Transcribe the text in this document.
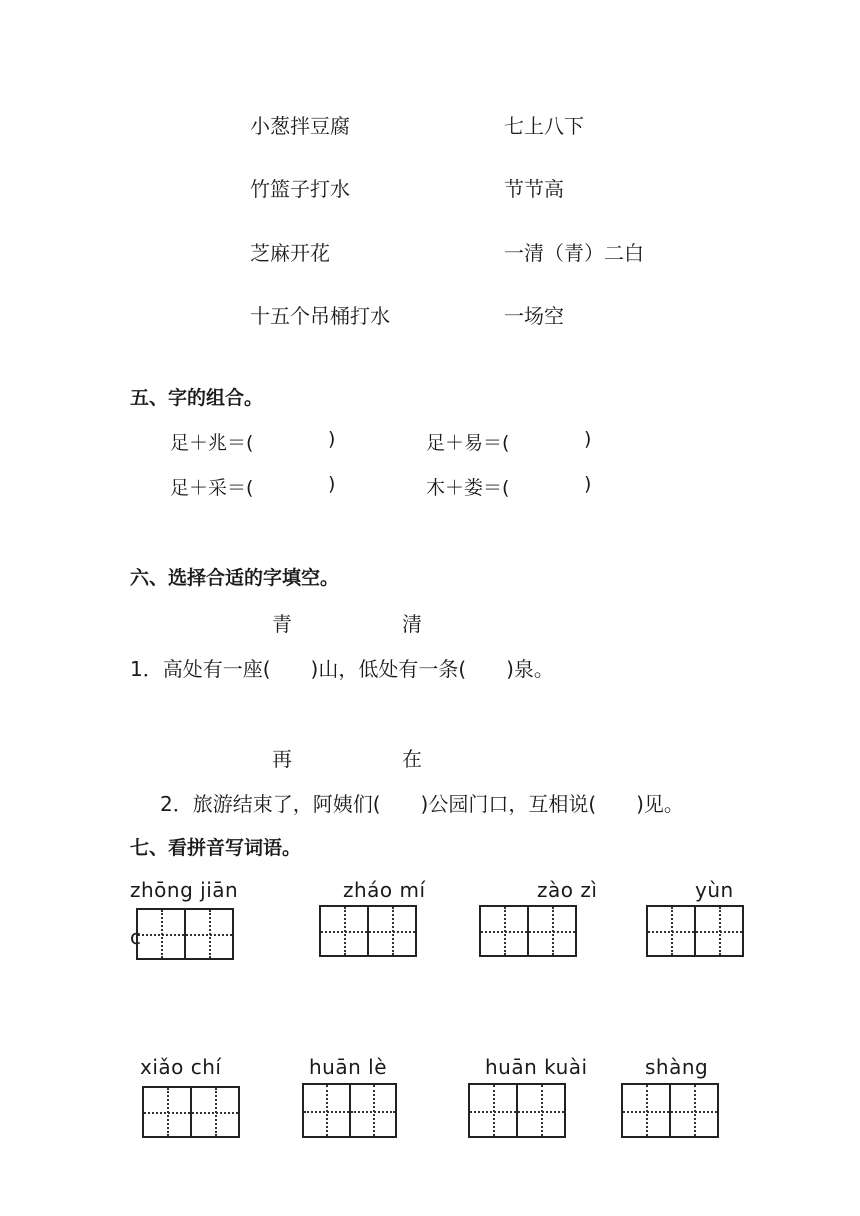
小葱拌豆腐	七上八下
竹篮子打水	节节高
芝麻开花	一清（青）二白
十五个吊桶打水	一场空
五、字的组合。
足＋兆＝(	)	足＋易＝(	)
足＋采＝(	)	木＋娄＝(	)
六、选择合适的字填空。
青	清
1．高处有一座(　　)山，低处有一条(　　)泉。
再	在
2．旅游结束了，阿姨们(　　)公园门口，互相说(　　)见。
七、看拼音写词语。
zhōng jiān	zháo mí	zào zì	yùn
c
xiǎo chí	huān lè	huān kuài	shàng
